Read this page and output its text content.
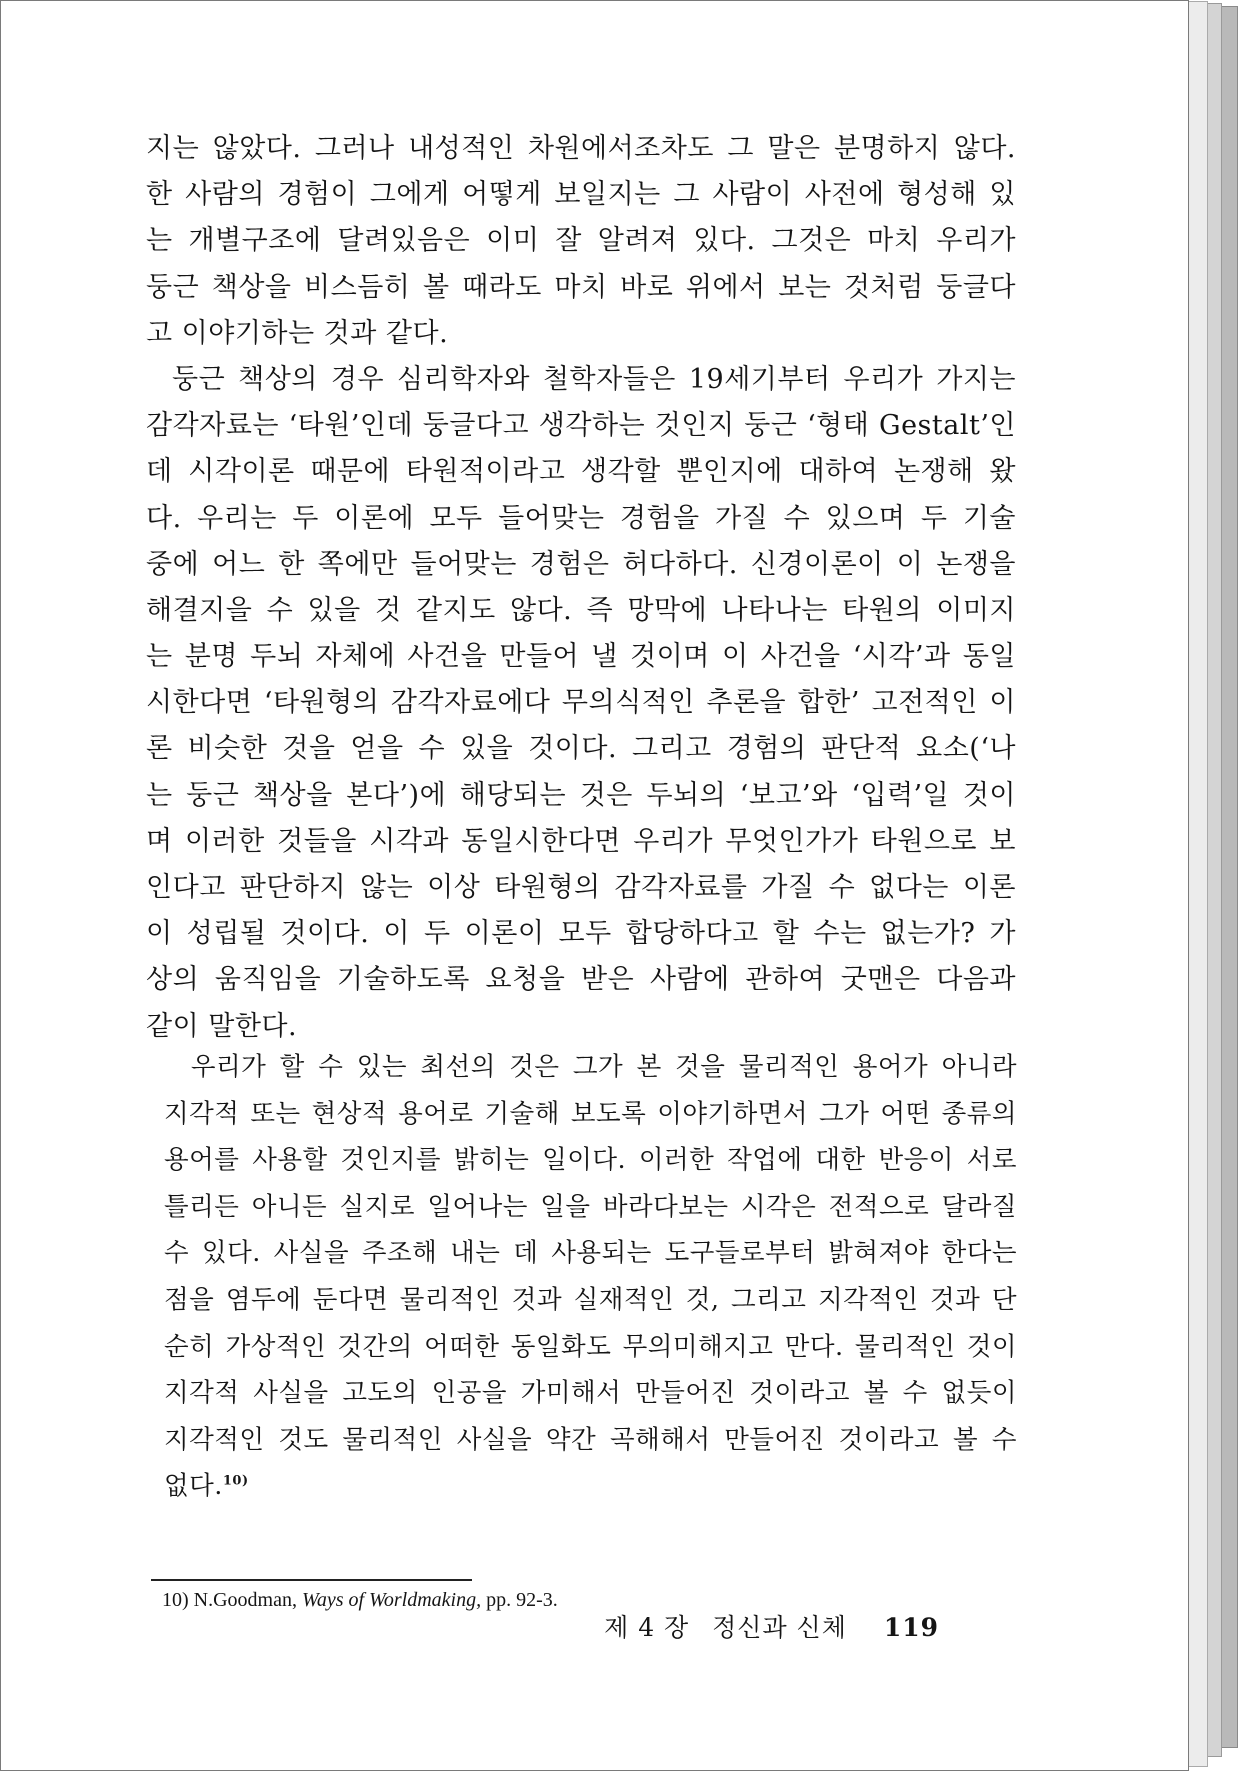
지는 않았다. 그러나 내성적인 차원에서조차도 그 말은 분명하지 않다.
한 사람의 경험이 그에게 어떻게 보일지는 그 사람이 사전에 형성해 있
는 개별구조에 달려있음은 이미 잘 알려져 있다. 그것은 마치 우리가
둥근 책상을 비스듬히 볼 때라도 마치 바로 위에서 보는 것처럼 둥글다
고 이야기하는 것과 같다.
둥근 책상의 경우 심리학자와 철학자들은 19세기부터 우리가 가지는
감각자료는 ‘타원’인데 둥글다고 생각하는 것인지 둥근 ‘형태 Gestalt’인
데 시각이론 때문에 타원적이라고 생각할 뿐인지에 대하여 논쟁해 왔
다. 우리는 두 이론에 모두 들어맞는 경험을 가질 수 있으며 두 기술
중에 어느 한 쪽에만 들어맞는 경험은 허다하다. 신경이론이 이 논쟁을
해결지을 수 있을 것 같지도 않다. 즉 망막에 나타나는 타원의 이미지
는 분명 두뇌 자체에 사건을 만들어 낼 것이며 이 사건을 ‘시각’과 동일
시한다면 ‘타원형의 감각자료에다 무의식적인 추론을 합한’ 고전적인 이
론 비슷한 것을 얻을 수 있을 것이다. 그리고 경험의 판단적 요소(‘나
는 둥근 책상을 본다’)에 해당되는 것은 두뇌의 ‘보고’와 ‘입력’일 것이
며 이러한 것들을 시각과 동일시한다면 우리가 무엇인가가 타원으로 보
인다고 판단하지 않는 이상 타원형의 감각자료를 가질 수 없다는 이론
이 성립될 것이다. 이 두 이론이 모두 합당하다고 할 수는 없는가? 가
상의 움직임을 기술하도록 요청을 받은 사람에 관하여 굿맨은 다음과
같이 말한다.
우리가 할 수 있는 최선의 것은 그가 본 것을 물리적인 용어가 아니라
지각적 또는 현상적 용어로 기술해 보도록 이야기하면서 그가 어떤 종류의
용어를 사용할 것인지를 밝히는 일이다. 이러한 작업에 대한 반응이 서로
틀리든 아니든 실지로 일어나는 일을 바라다보는 시각은 전적으로 달라질
수 있다. 사실을 주조해 내는 데 사용되는 도구들로부터 밝혀져야 한다는
점을 염두에 둔다면 물리적인 것과 실재적인 것, 그리고 지각적인 것과 단
순히 가상적인 것간의 어떠한 동일화도 무의미해지고 만다. 물리적인 것이
지각적 사실을 고도의 인공을 가미해서 만들어진 것이라고 볼 수 없듯이
지각적인 것도 물리적인 사실을 약간 곡해해서 만들어진 것이라고 볼 수
없다.$^{10)}$
10) N.Goodman, Ways of Worldmaking, pp. 92-3.
제 4 장 정신과 신체 119
